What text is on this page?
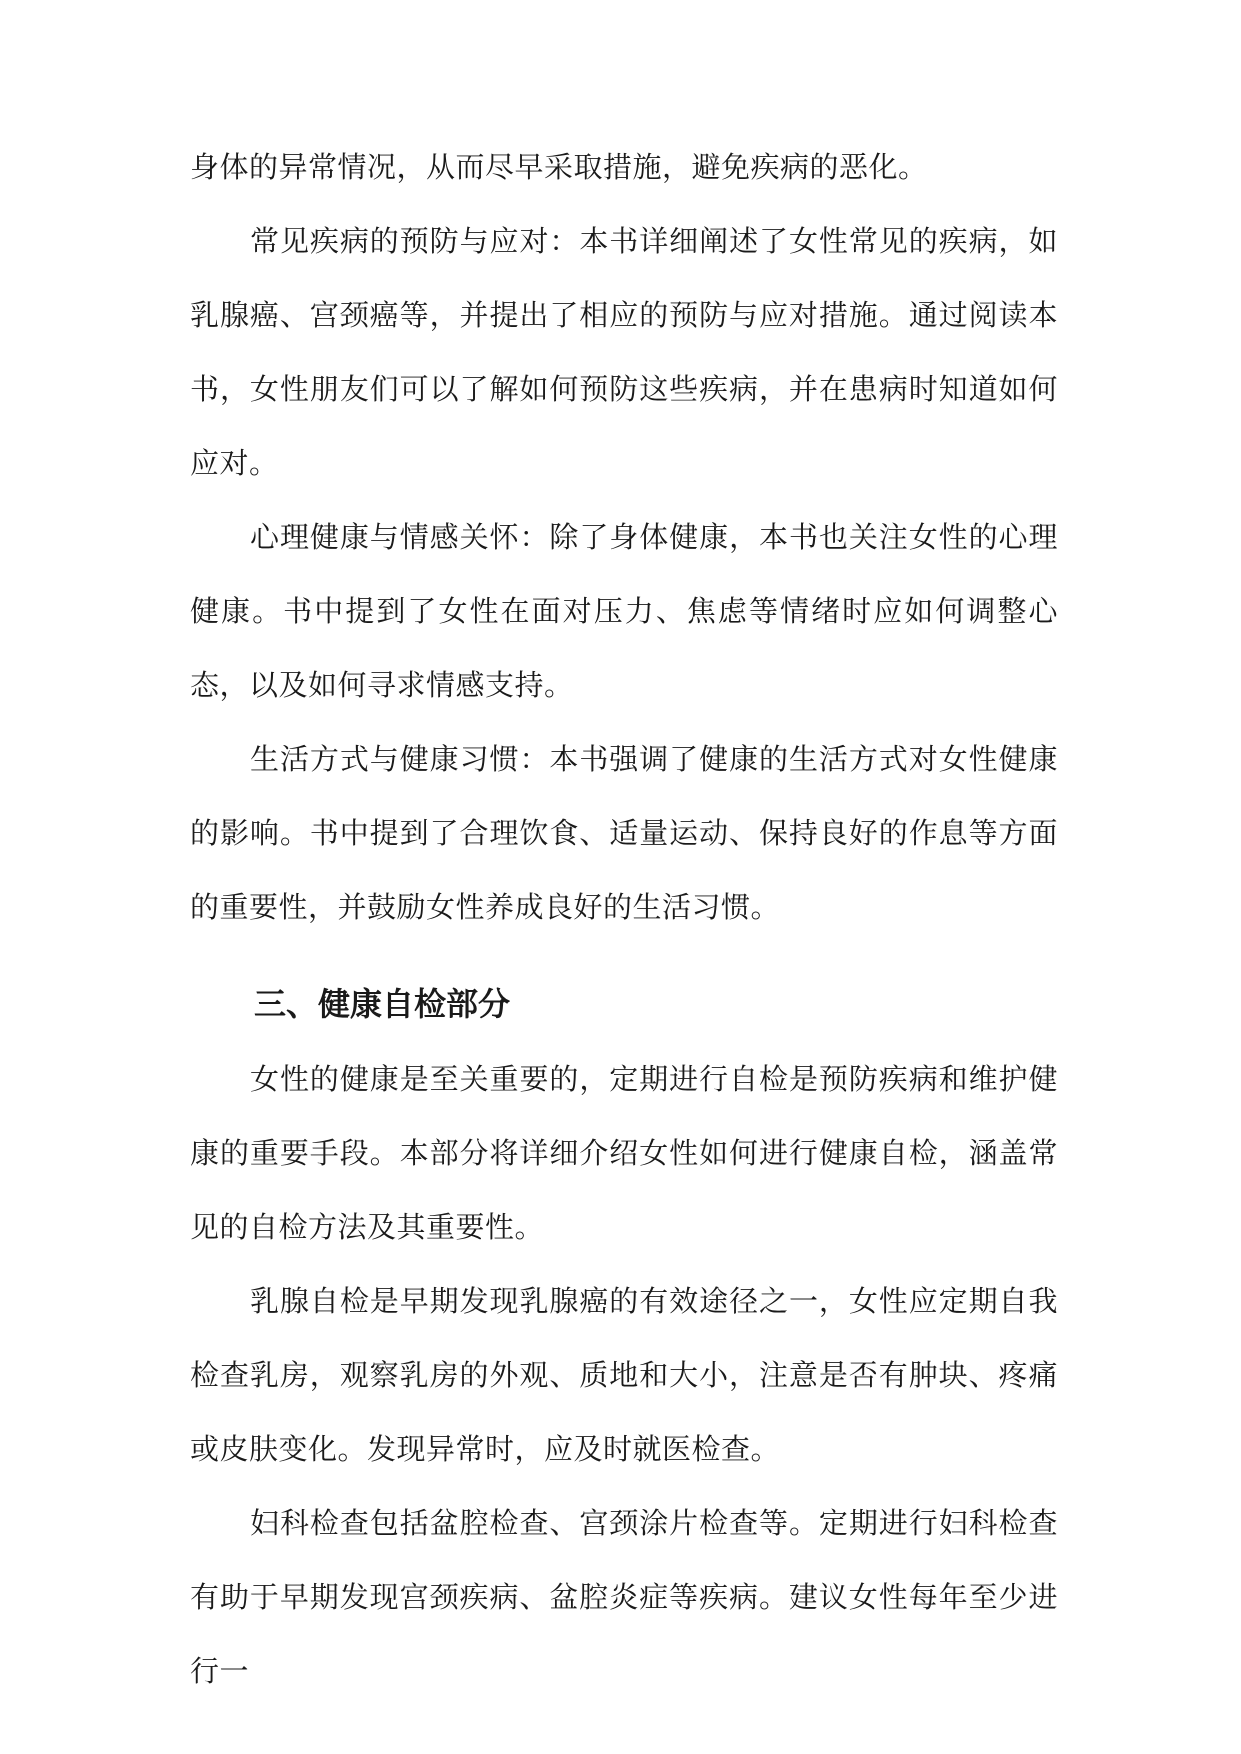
身体的异常情况，从而尽早采取措施，避免疾病的恶化。

常见疾病的预防与应对：本书详细阐述了女性常见的疾病，如乳腺癌、宫颈癌等，并提出了相应的预防与应对措施。通过阅读本书，女性朋友们可以了解如何预防这些疾病，并在患病时知道如何应对。

心理健康与情感关怀：除了身体健康，本书也关注女性的心理健康。书中提到了女性在面对压力、焦虑等情绪时应如何调整心态，以及如何寻求情感支持。

生活方式与健康习惯：本书强调了健康的生活方式对女性健康的影响。书中提到了合理饮食、适量运动、保持良好的作息等方面的重要性，并鼓励女性养成良好的生活习惯。

三、健康自检部分

女性的健康是至关重要的，定期进行自检是预防疾病和维护健康的重要手段。本部分将详细介绍女性如何进行健康自检，涵盖常见的自检方法及其重要性。

乳腺自检是早期发现乳腺癌的有效途径之一，女性应定期自我检查乳房，观察乳房的外观、质地和大小，注意是否有肿块、疼痛或皮肤变化。发现异常时，应及时就医检查。

妇科检查包括盆腔检查、宫颈涂片检查等。定期进行妇科检查有助于早期发现宫颈疾病、盆腔炎症等疾病。建议女性每年至少进行一
